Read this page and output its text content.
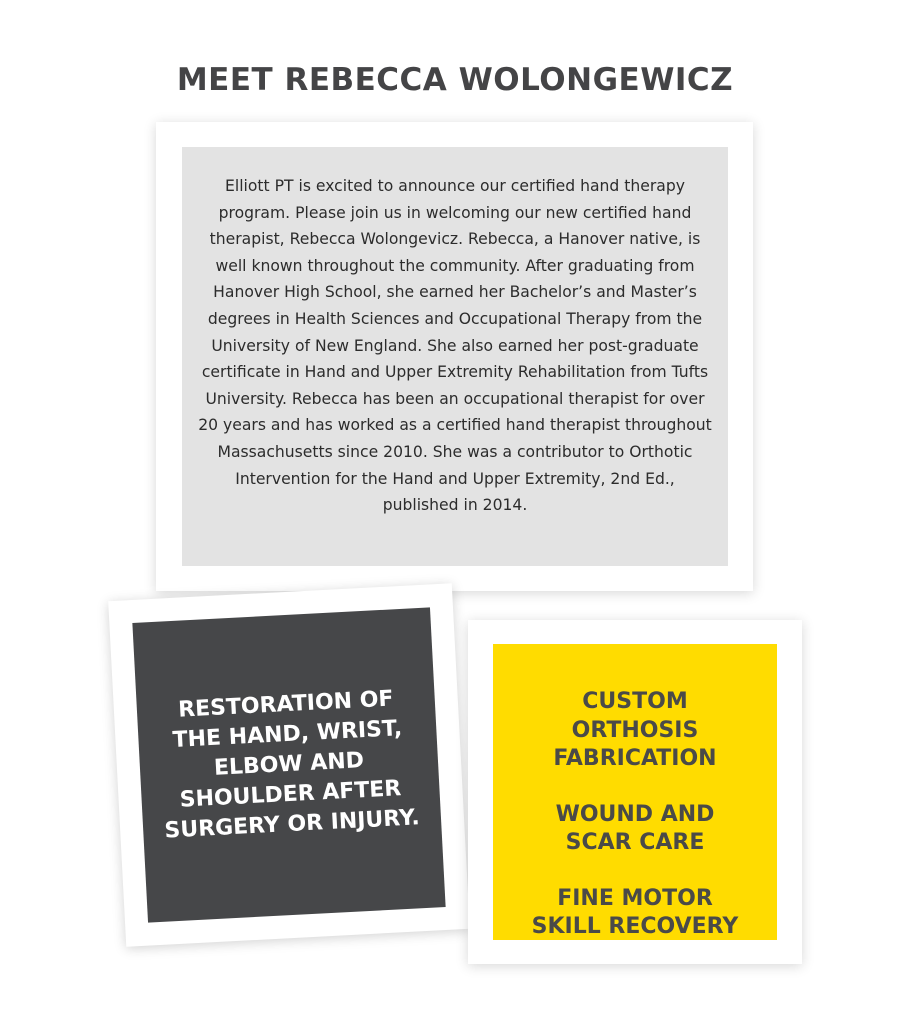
MEET REBECCA WOLONGEWICZ

Elliott PT is excited to announce our certified hand therapy program. Please join us in welcoming our new certified hand therapist, Rebecca Wolongevicz. Rebecca, a Hanover native, is well known throughout the community. After graduating from Hanover High School, she earned her Bachelor’s and Master’s degrees in Health Sciences and Occupational Therapy from the University of New England. She also earned her post-graduate certificate in Hand and Upper Extremity Rehabilitation from Tufts University. Rebecca has been an occupational therapist for over 20 years and has worked as a certified hand therapist throughout Massachusetts since 2010. She was a contributor to Orthotic Intervention for the Hand and Upper Extremity, 2nd Ed., published in 2014.

RESTORATION OF THE HAND, WRIST, ELBOW AND SHOULDER AFTER SURGERY OR INJURY.

CUSTOM
ORTHOSIS
FABRICATION

WOUND AND
SCAR CARE

FINE MOTOR
SKILL RECOVERY
